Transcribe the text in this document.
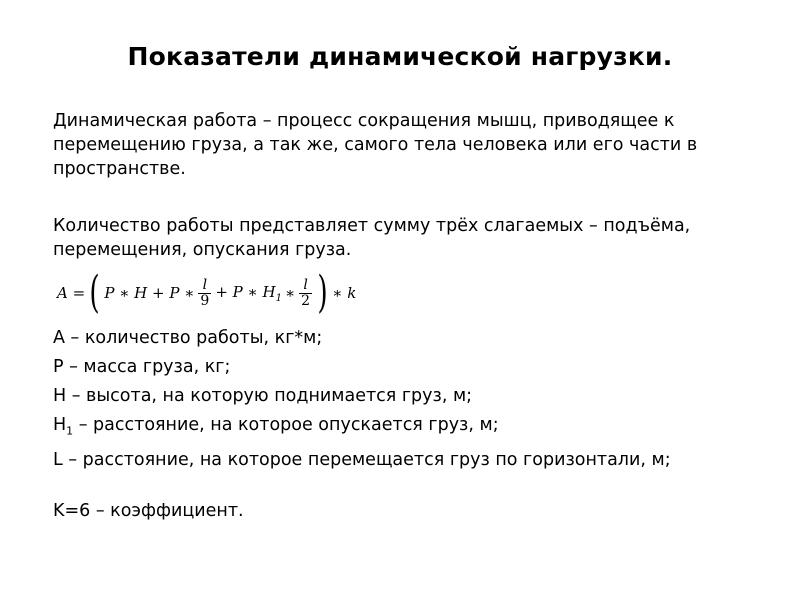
Показатели динамической нагрузки.
Динамическая работа – процесс сокращения мышц, приводящее к перемещению груза, а так же, самого тела человека или его части в пространстве.
Количество работы представляет сумму трёх слагаемых – подъёма, перемещения, опускания груза.
A = ( P ∗ H + P ∗ $\frac{l}{9} + P$ ∗ $H_1$ ∗ $\frac{l}{2}$ ) ∗ k
A – количество работы, кг*м;
P – масса груза, кг;
H – высота, на которую поднимается груз, м;
$H_1$ – расстояние, на которое опускается груз, м;
L – расстояние, на которое перемещается груз по горизонтали, м;
K=6 – коэффициент.
